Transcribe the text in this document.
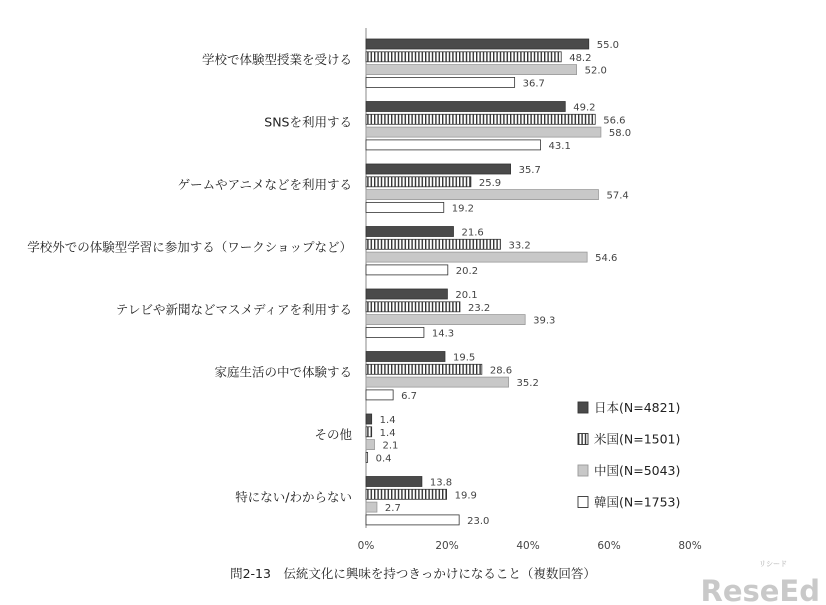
学校で体験型授業を受ける
55.0
48.2
52.0
36.7
SNSを利用する
49.2
56.6
58.0
43.1
ゲームやアニメなどを利用する
35.7
25.9
57.4
19.2
学校外での体験型学習に参加する（ワークショップなど）
21.6
33.2
54.6
20.2
テレビや新聞などマスメディアを利用する
20.1
23.2
39.3
14.3
家庭生活の中で体験する
19.5
28.6
35.2
6.7
その他
1.4
1.4
2.1
0.4
特にない/わからない
13.8
19.9
2.7
23.0
0%	20%	40%	60%	80%
日本(N=4821)
米国(N=1501)
中国(N=5043)
韓国(N=1753)
問2-13　伝統文化に興味を持つきっかけになること（複数回答）
リシード
ReseEd
